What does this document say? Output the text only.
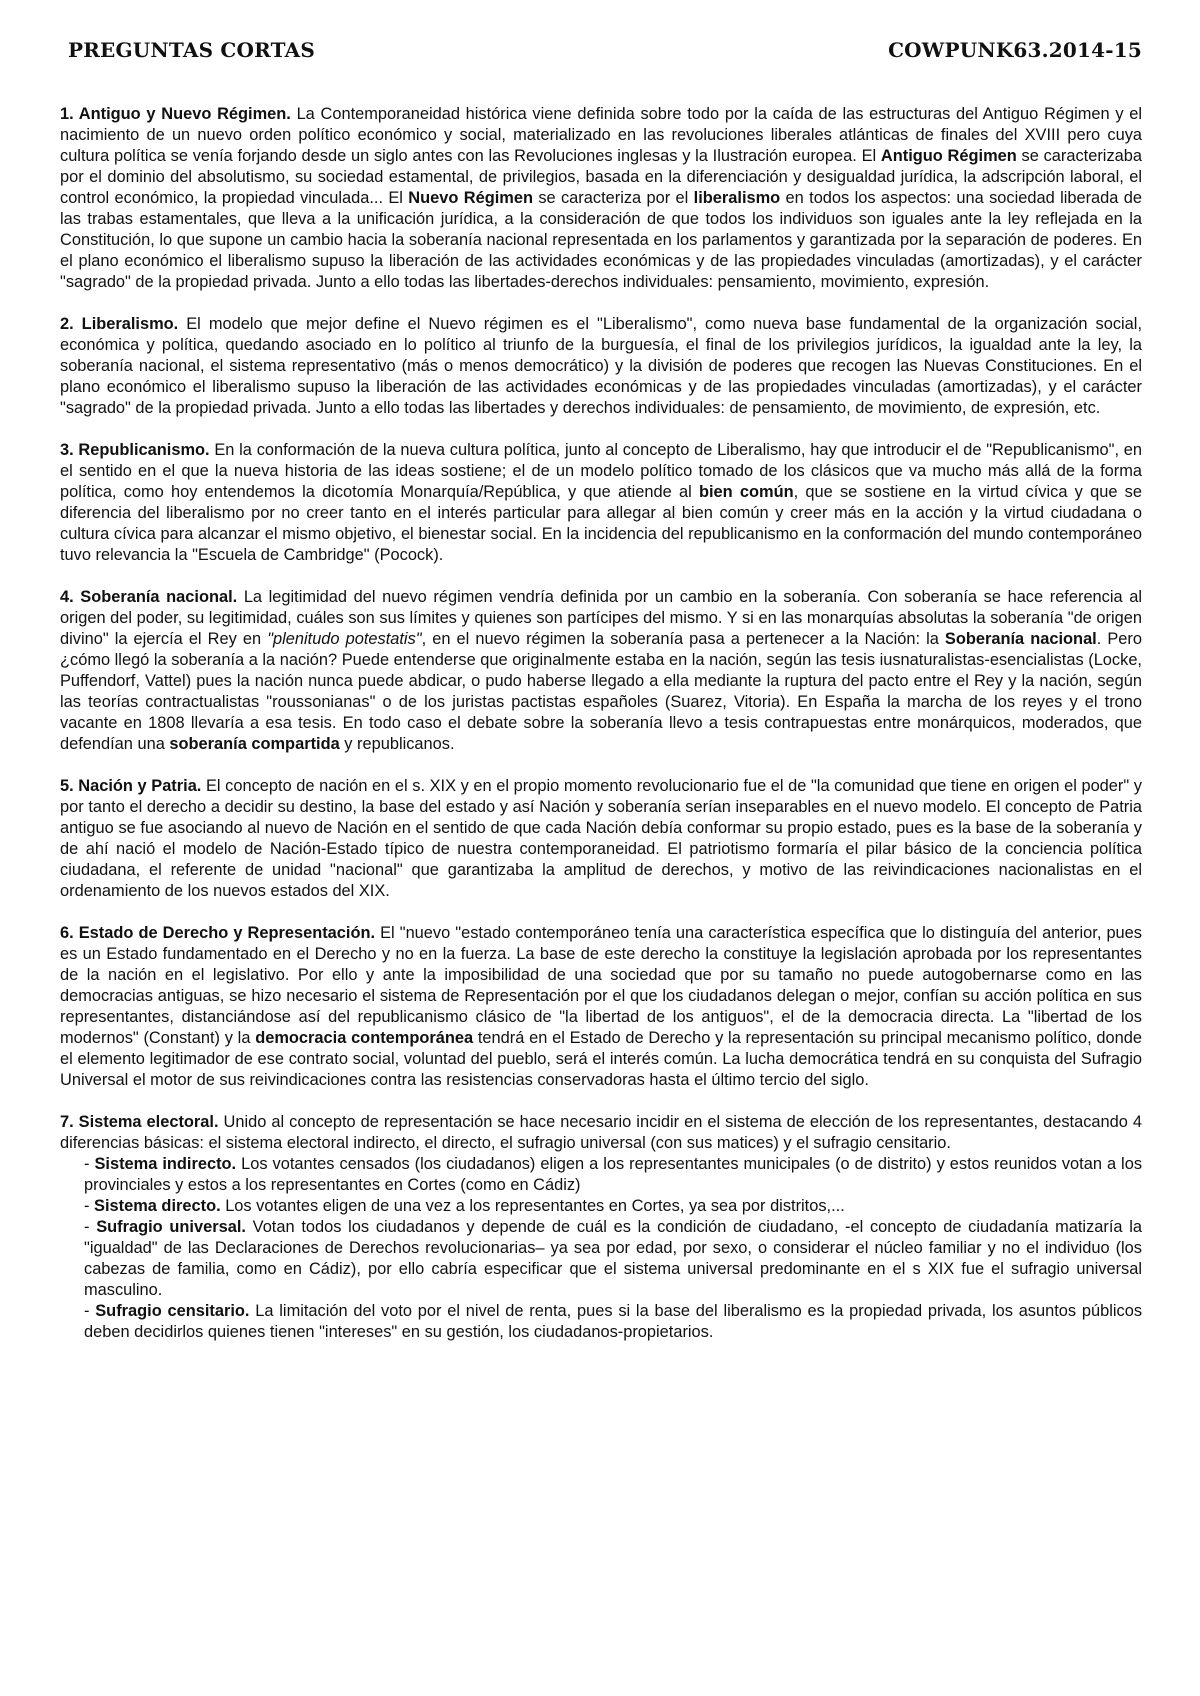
PREGUNTAS CORTAS	COWPUNK63.2014-15

1. Antiguo y Nuevo Régimen. La Contemporaneidad histórica viene definida sobre todo por la caída de las estructuras del Antiguo Régimen y el nacimiento de un nuevo orden político económico y social, materializado en las revoluciones liberales atlánticas de finales del XVIII pero cuya cultura política se venía forjando desde un siglo antes con las Revoluciones inglesas y la Ilustración europea. El Antiguo Régimen se caracterizaba por el dominio del absolutismo, su sociedad estamental, de privilegios, basada en la diferenciación y desigualdad jurídica, la adscripción laboral, el control económico, la propiedad vinculada... El Nuevo Régimen se caracteriza por el liberalismo en todos los aspectos: una sociedad liberada de las trabas estamentales, que lleva a la unificación jurídica, a la consideración de que todos los individuos son iguales ante la ley reflejada en la Constitución, lo que supone un cambio hacia la soberanía nacional representada en los parlamentos y garantizada por la separación de poderes. En el plano económico el liberalismo supuso la liberación de las actividades económicas y de las propiedades vinculadas (amortizadas), y el carácter "sagrado" de la propiedad privada. Junto a ello todas las libertades-derechos individuales: pensamiento, movimiento, expresión.

2. Liberalismo. El modelo que mejor define el Nuevo régimen es el "Liberalismo", como nueva base fundamental de la organización social, económica y política, quedando asociado en lo político al triunfo de la burguesía, el final de los privilegios jurídicos, la igualdad ante la ley, la soberanía nacional, el sistema representativo (más o menos democrático) y la división de poderes que recogen las Nuevas Constituciones. En el plano económico el liberalismo supuso la liberación de las actividades económicas y de las propiedades vinculadas (amortizadas), y el carácter "sagrado" de la propiedad privada. Junto a ello todas las libertades y derechos individuales: de pensamiento, de movimiento, de expresión, etc.

3. Republicanismo. En la conformación de la nueva cultura política, junto al concepto de Liberalismo, hay que introducir el de "Republicanismo", en el sentido en el que la nueva historia de las ideas sostiene; el de un modelo político tomado de los clásicos que va mucho más allá de la forma política, como hoy entendemos la dicotomía Monarquía/República, y que atiende al bien común, que se sostiene en la virtud cívica y que se diferencia del liberalismo por no creer tanto en el interés particular para allegar al bien común y creer más en la acción y la virtud ciudadana o cultura cívica para alcanzar el mismo objetivo, el bienestar social. En la incidencia del republicanismo en la conformación del mundo contemporáneo tuvo relevancia la "Escuela de Cambridge" (Pocock).

4. Soberanía nacional. La legitimidad del nuevo régimen vendría definida por un cambio en la soberanía. Con soberanía se hace referencia al origen del poder, su legitimidad, cuáles son sus límites y quienes son partícipes del mismo. Y si en las monarquías absolutas la soberanía "de origen divino" la ejercía el Rey en "plenitudo potestatis", en el nuevo régimen la soberanía pasa a pertenecer a la Nación: la Soberanía nacional. Pero ¿cómo llegó la soberanía a la nación? Puede entenderse que originalmente estaba en la nación, según las tesis iusnaturalistas-esencialistas (Locke, Puffendorf, Vattel) pues la nación nunca puede abdicar, o pudo haberse llegado a ella mediante la ruptura del pacto entre el Rey y la nación, según las teorías contractualistas "roussonianas" o de los juristas pactistas españoles (Suarez, Vitoria). En España la marcha de los reyes y el trono vacante en 1808 llevaría a esa tesis. En todo caso el debate sobre la soberanía llevo a tesis contrapuestas entre monárquicos, moderados, que defendían una soberanía compartida y republicanos.

5. Nación y Patria. El concepto de nación en el s. XIX y en el propio momento revolucionario fue el de "la comunidad que tiene en origen el poder" y por tanto el derecho a decidir su destino, la base del estado y así Nación y soberanía serían inseparables en el nuevo modelo. El concepto de Patria antiguo se fue asociando al nuevo de Nación en el sentido de que cada Nación debía conformar su propio estado, pues es la base de la soberanía y de ahí nació el modelo de Nación-Estado típico de nuestra contemporaneidad. El patriotismo formaría el pilar básico de la conciencia política ciudadana, el referente de unidad "nacional" que garantizaba la amplitud de derechos, y motivo de las reivindicaciones nacionalistas en el ordenamiento de los nuevos estados del XIX.

6. Estado de Derecho y Representación. El "nuevo "estado contemporáneo tenía una característica específica que lo distinguía del anterior, pues es un Estado fundamentado en el Derecho y no en la fuerza. La base de este derecho la constituye la legislación aprobada por los representantes de la nación en el legislativo. Por ello y ante la imposibilidad de una sociedad que por su tamaño no puede autogobernarse como en las democracias antiguas, se hizo necesario el sistema de Representación por el que los ciudadanos delegan o mejor, confían su acción política en sus representantes, distanciándose así del republicanismo clásico de "la libertad de los antiguos", el de la democracia directa. La "libertad de los modernos" (Constant) y la democracia contemporánea tendrá en el Estado de Derecho y la representación su principal mecanismo político, donde el elemento legitimador de ese contrato social, voluntad del pueblo, será el interés común. La lucha democrática tendrá en su conquista del Sufragio Universal el motor de sus reivindicaciones contra las resistencias conservadoras hasta el último tercio del siglo.

7. Sistema electoral. Unido al concepto de representación se hace necesario incidir en el sistema de elección de los representantes, destacando 4 diferencias básicas: el sistema electoral indirecto, el directo, el sufragio universal (con sus matices) y el sufragio censitario.

- Sistema indirecto. Los votantes censados (los ciudadanos) eligen a los representantes municipales (o de distrito) y estos reunidos votan a los provinciales y estos a los representantes en Cortes (como en Cádiz)

- Sistema directo. Los votantes eligen de una vez a los representantes en Cortes, ya sea por distritos,...

- Sufragio universal. Votan todos los ciudadanos y depende de cuál es la condición de ciudadano, -el concepto de ciudadanía matizaría la "igualdad" de las Declaraciones de Derechos revolucionarias– ya sea por edad, por sexo, o considerar el núcleo familiar y no el individuo (los cabezas de familia, como en Cádiz), por ello cabría especificar que el sistema universal predominante en el s XIX fue el sufragio universal masculino.

- Sufragio censitario. La limitación del voto por el nivel de renta, pues si la base del liberalismo es la propiedad privada, los asuntos públicos deben decidirlos quienes tienen "intereses" en su gestión, los ciudadanos-propietarios.
